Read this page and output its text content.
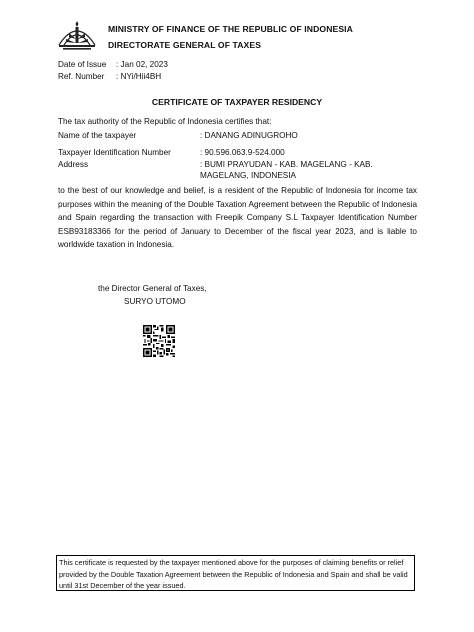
MINISTRY OF FINANCE OF THE REPUBLIC OF INDONESIA
DIRECTORATE GENERAL OF TAXES
Date of Issue : Jan 02, 2023
Ref. Number : NYi/Hii4BH
CERTIFICATE OF TAXPAYER RESIDENCY
The tax authority of the Republic of Indonesia certifies that:
Name of the taxpayer	: DANANG ADINUGROHO
Taxpayer Identification Number	: 90.596.063.9-524.000
Address	: BUMI PRAYUDAN - KAB. MAGELANG - KAB. MAGELANG, INDONESIA
to the best of our knowledge and belief, is a resident of the Republic of Indonesia for income tax purposes within the meaning of the Double Taxation Agreement between the Republic of Indonesia and Spain regarding the transaction with Freepik Company S.L Taxpayer Identification Number ESB93183366 for the period of January to December of the fiscal year 2023, and is liable to worldwide taxation in Indonesia.
the Director General of Taxes,
SURYO UTOMO
This certificate is requested by the taxpayer mentioned above for the purposes of claiming benefits or relief provided by the Double Taxation Agreement between the Republic of Indonesia and Spain and shall be valid until 31st December of the year issued.
